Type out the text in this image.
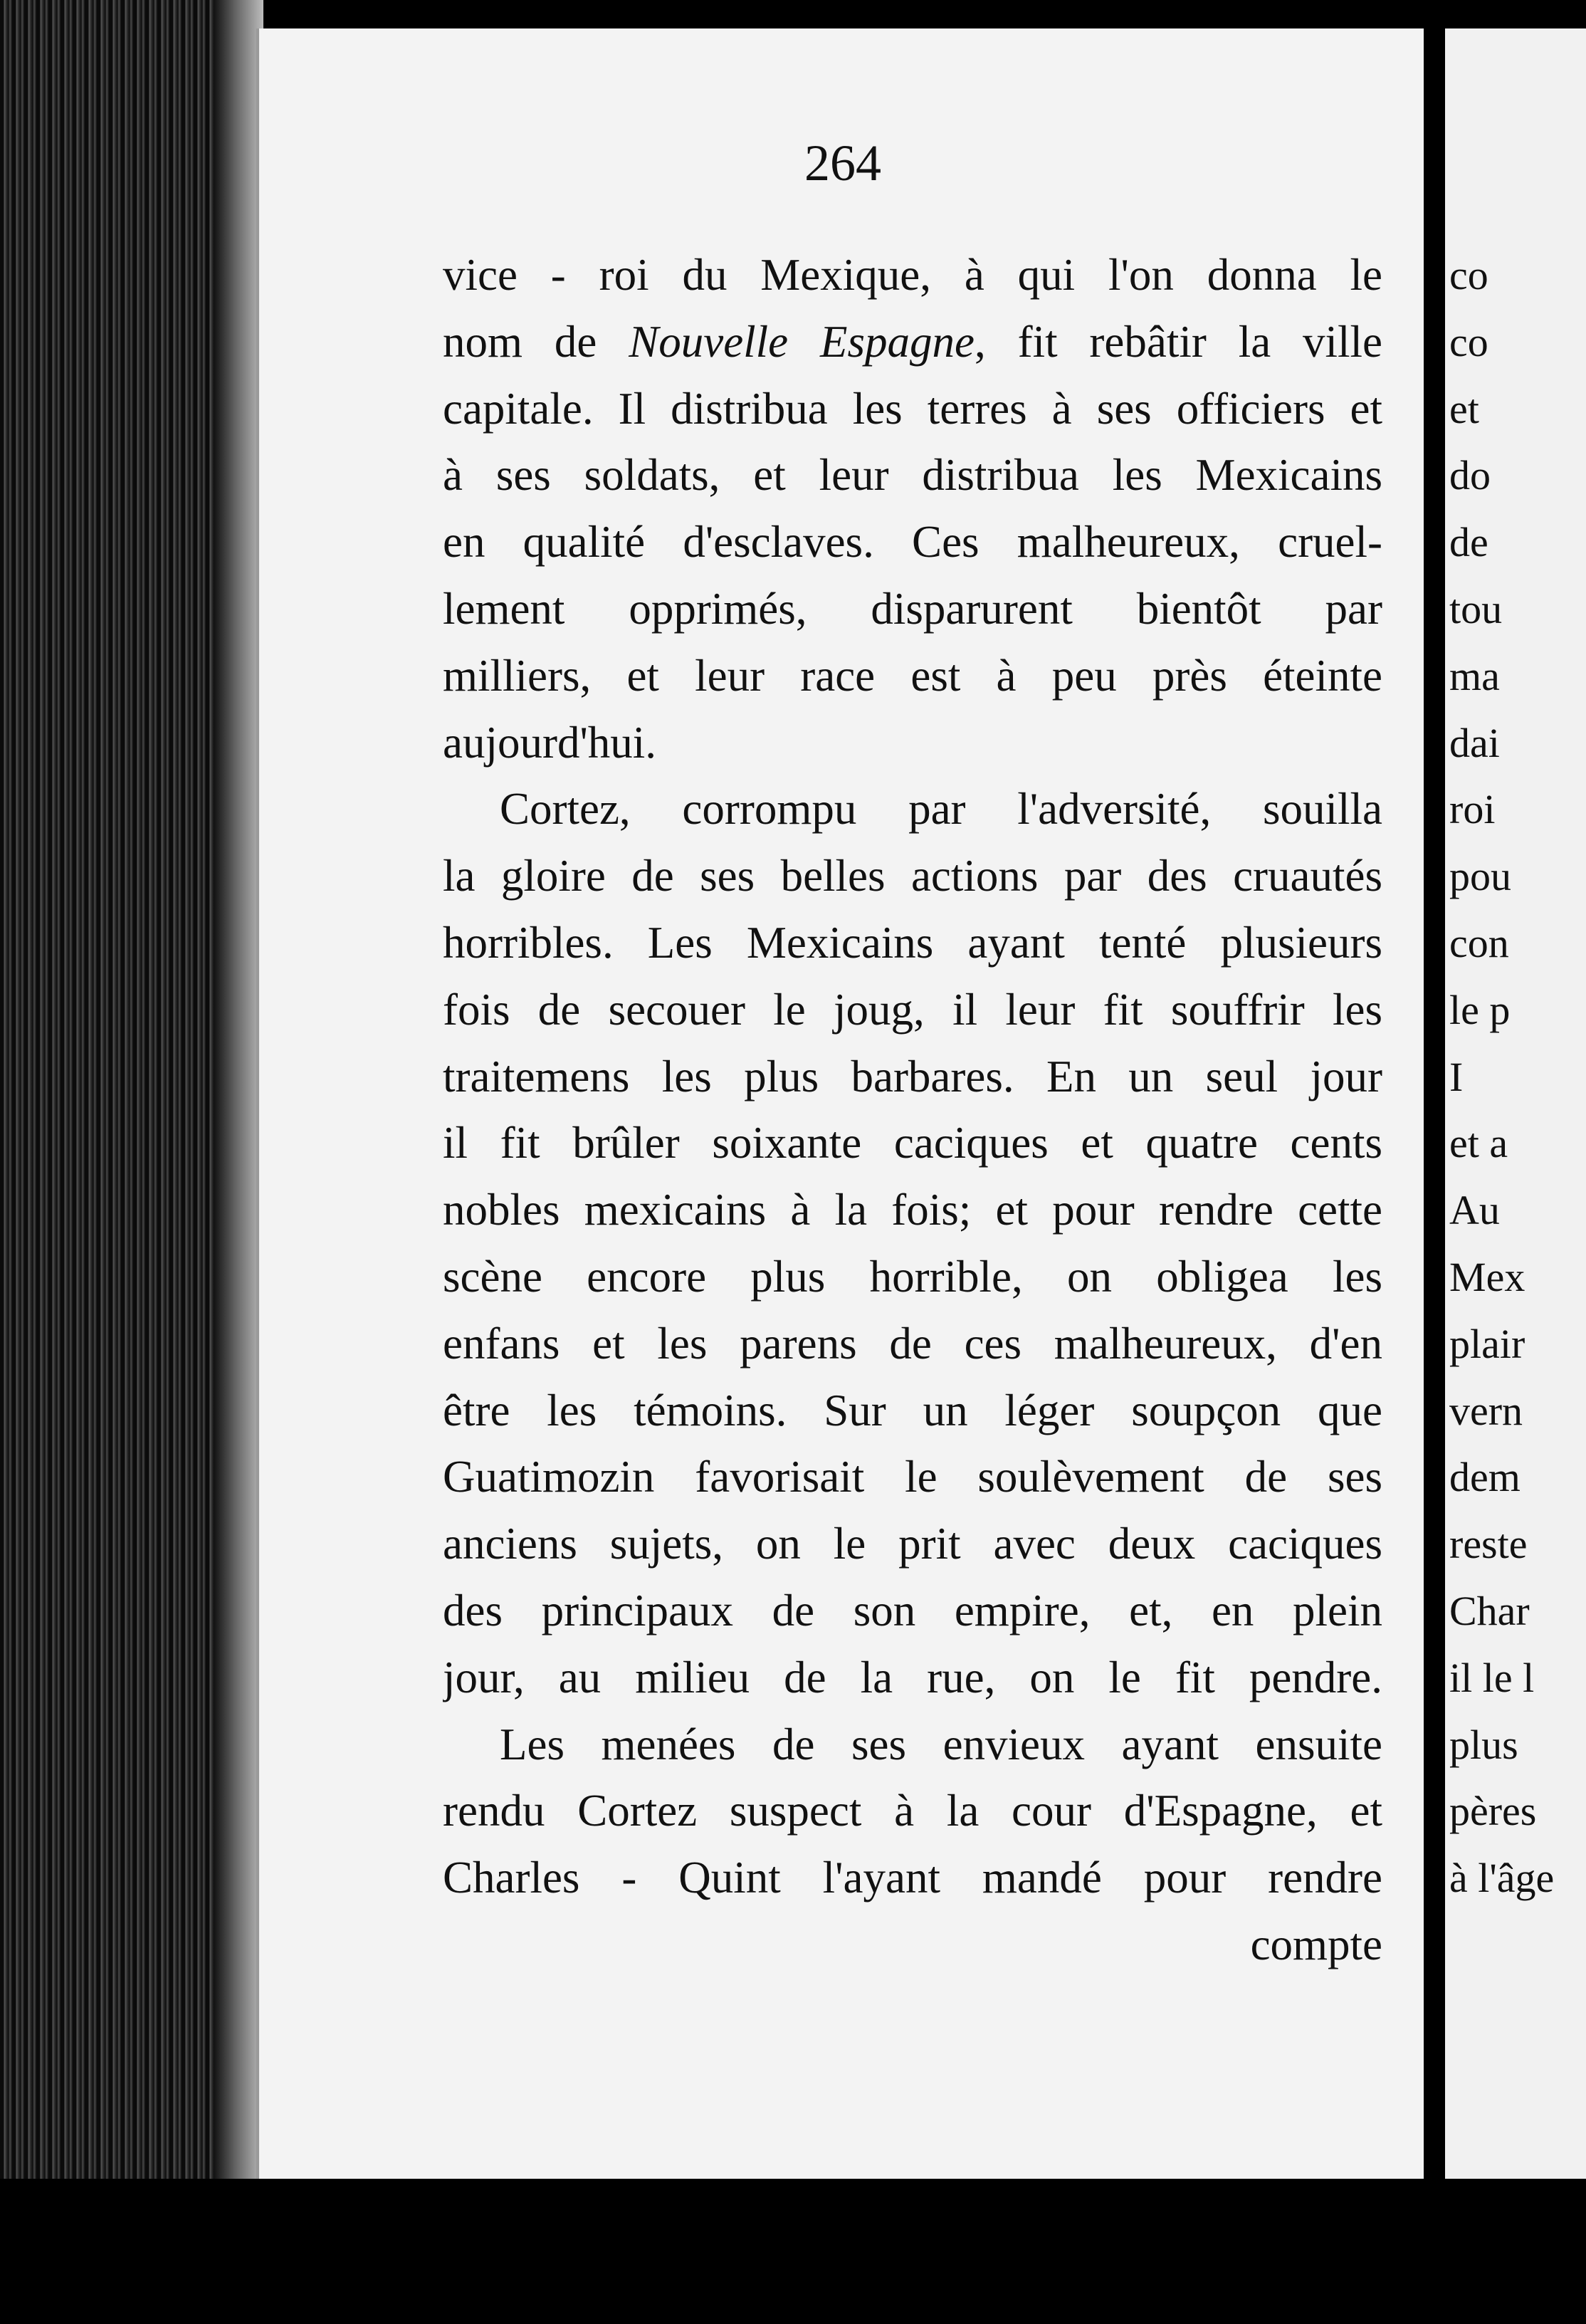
264
vice - roi du Mexique, à qui l'on donna le
nom de Nouvelle Espagne, fit rebâtir la ville
capitale. Il distribua les terres à ses officiers et
à ses soldats, et leur distribua les Mexicains
en qualité d'esclaves. Ces malheureux, cruel-
lement opprimés, disparurent bientôt par
milliers, et leur race est à peu près éteinte
aujourd'hui.
Cortez, corrompu par l'adversité, souilla
la gloire de ses belles actions par des cruautés
horribles. Les Mexicains ayant tenté plusieurs
fois de secouer le joug, il leur fit souffrir les
traitemens les plus barbares. En un seul jour
il fit brûler soixante caciques et quatre cents
nobles mexicains à la fois; et pour rendre cette
scène encore plus horrible, on obligea les
enfans et les parens de ces malheureux, d'en
être les témoins. Sur un léger soupçon que
Guatimozin favorisait le soulèvement de ses
anciens sujets, on le prit avec deux caciques
des principaux de son empire, et, en plein
jour, au milieu de la rue, on le fit pendre.
Les menées de ses envieux ayant ensuite
rendu Cortez suspect à la cour d'Espagne, et
Charles - Quint l'ayant mandé pour rendre
compte
co
co
et
do
de
tou
ma
dai
roi
pou
con
le p
I
et a
Au
Mex
plair
vern
dem
reste
Char
il le l
plus
pères
à l'âge
